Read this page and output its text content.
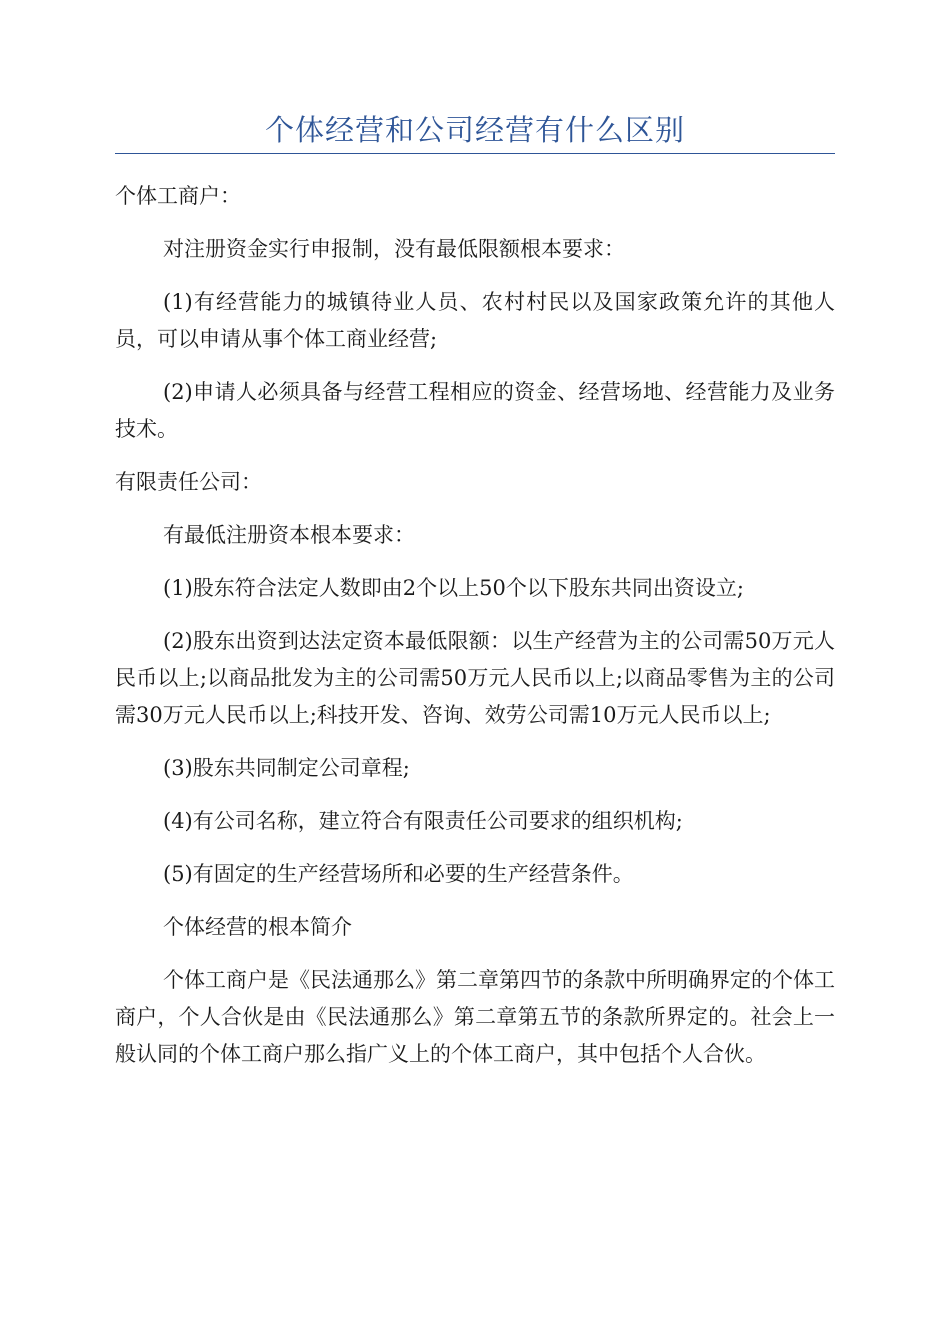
个体经营和公司经营有什么区别

个体工商户：

对注册资金实行申报制，没有最低限额根本要求：

(1)有经营能力的城镇待业人员、农村村民以及国家政策允许的其他人员，可以申请从事个体工商业经营;

(2)申请人必须具备与经营工程相应的资金、经营场地、经营能力及业务技术。

有限责任公司：

有最低注册资本根本要求：

(1)股东符合法定人数即由2个以上50个以下股东共同出资设立;

(2)股东出资到达法定资本最低限额：以生产经营为主的公司需50万元人民币以上;以商品批发为主的公司需50万元人民币以上;以商品零售为主的公司需30万元人民币以上;科技开发、咨询、效劳公司需10万元人民币以上;

(3)股东共同制定公司章程;

(4)有公司名称，建立符合有限责任公司要求的组织机构;

(5)有固定的生产经营场所和必要的生产经营条件。

个体经营的根本简介

个体工商户是《民法通那么》第二章第四节的条款中所明确界定的个体工商户，个人合伙是由《民法通那么》第二章第五节的条款所界定的。社会上一般认同的个体工商户那么指广义上的个体工商户，其中包括个人合伙。
